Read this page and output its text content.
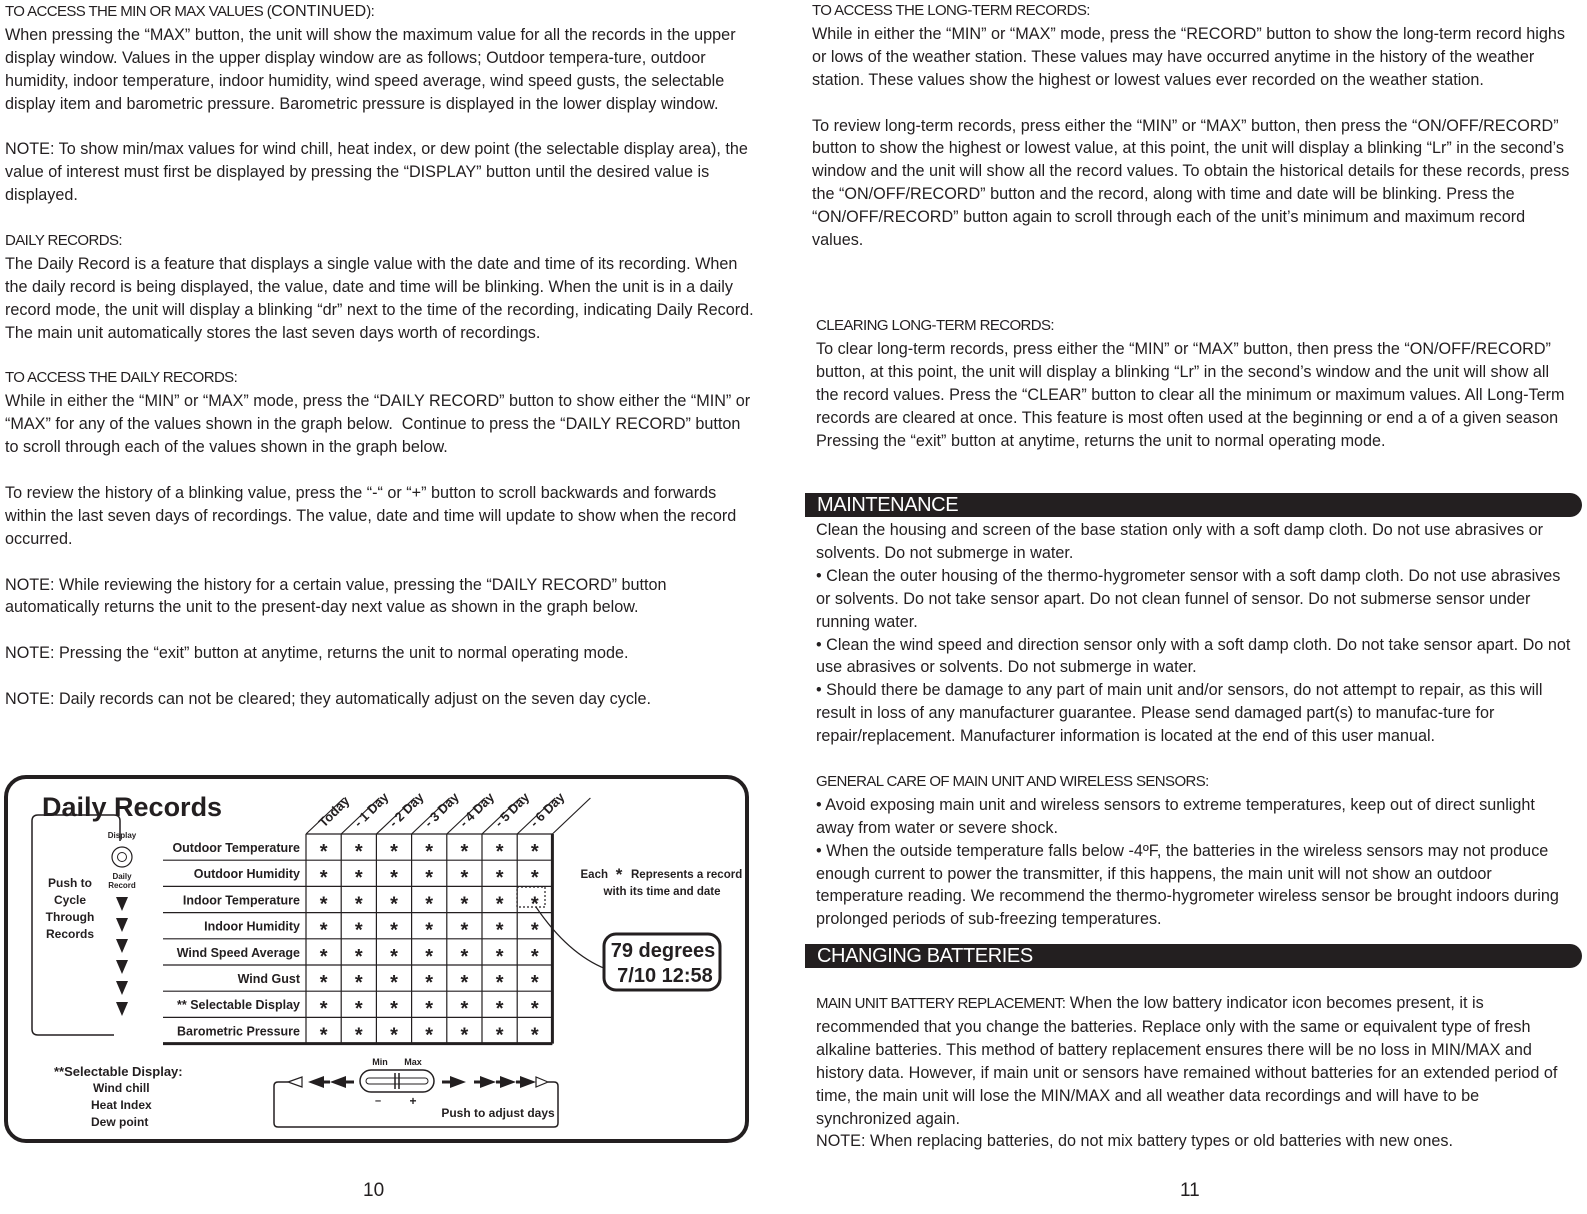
TO ACCESS THE MIN OR MAX VALUES (CONTINUED):
When pressing the “MAX” button, the unit will show the maximum value for all the records in the upper display window. Values in the upper display window are as follows; Outdoor tempera-ture, outdoor humidity, indoor temperature, indoor humidity, wind speed average, wind speed gusts, the selectable display item and barometric pressure. Barometric pressure is displayed in the lower display window.

NOTE: To show min/max values for wind chill, heat index, or dew point (the selectable display area), the value of interest must first be displayed by pressing the “DISPLAY” button until the desired value is displayed.

DAILY RECORDS:
The Daily Record is a feature that displays a single value with the date and time of its recording. When the daily record is being displayed, the value, date and time will be blinking. When the unit is in a daily record mode, the unit will display a blinking “dr” next to the time of the recording, indicating Daily Record. The main unit automatically stores the last seven days worth of recordings.

TO ACCESS THE DAILY RECORDS:
While in either the “MIN” or “MAX” mode, press the “DAILY RECORD” button to show either the “MIN” or “MAX” for any of the values shown in the graph below.  Continue to press the “DAILY RECORD” button to scroll through each of the values shown in the graph below.

To review the history of a blinking value, press the “-“ or “+” button to scroll backwards and forwards within the last seven days of recordings. The value, date and time will update to show when the record occurred.

NOTE: While reviewing the history for a certain value, pressing the “DAILY RECORD” button automatically returns the unit to the present-day next value as shown in the graph below.

NOTE: Pressing the “exit” button at anytime, returns the unit to normal operating mode.

NOTE: Daily records can not be cleared; they automatically adjust on the seven day cycle.

Daily Records
Push to
Cycle
Through
Records
Display
Daily
Record
Outdoor Temperature
Outdoor Humidity
Indoor Temperature
Indoor Humidity
Wind Speed Average
Wind Gust
** Selectable Display
Barometric Pressure
* * * * * * *
* * * * * * *
* * * * * * *
* * * * * * *
* * * * * * *
* * * * * * *
* * * * * * *
* * * * * * *
Today
- 1 Day
- 2 Day
- 3 Day
- 4 Day
- 5 Day
- 6 Day
79 degrees
7/10 12:58
Each * Represents a record
with its time and date
**Selectable Display:
Wind chill
Heat Index
Dew point
Min Max
– +
Push to adjust days
10

TO ACCESS THE LONG-TERM RECORDS:
While in either the “MIN” or “MAX” mode, press the “RECORD” button to show the long-term record highs or lows of the weather station. These values may have occurred anytime in the history of the weather station. These values show the highest or lowest values ever recorded on the weather station.

To review long-term records, press either the “MIN” or “MAX” button, then press the “ON/OFF/RECORD” button to show the highest or lowest value, at this point, the unit will display a blinking “Lr” in the second’s window and the unit will show all the record values. To obtain the historical details for these records, press the “ON/OFF/RECORD” button and the record, along with time and date will be blinking. Press the “ON/OFF/RECORD” button again to scroll through each of the unit’s minimum and maximum record values.

CLEARING LONG-TERM RECORDS:
To clear long-term records, press either the “MIN” or “MAX” button, then press the “ON/OFF/RECORD” button, at this point, the unit will display a blinking “Lr” in the second’s window and the unit will show all the record values. Press the “CLEAR” button to clear all the minimum or maximum values. All Long-Term records are cleared at once. This feature is most often used at the beginning or end a of a given season Pressing the “exit” button at anytime, returns the unit to normal operating mode.

MAINTENANCE

Clean the housing and screen of the base station only with a soft damp cloth. Do not use abrasives or solvents. Do not submerge in water.
• Clean the outer housing of the thermo-hygrometer sensor with a soft damp cloth. Do not use abrasives or solvents. Do not take sensor apart. Do not clean funnel of sensor. Do not submerse sensor under running water.
• Clean the wind speed and direction sensor only with a soft damp cloth. Do not take sensor apart. Do not use abrasives or solvents. Do not submerge in water.
• Should there be damage to any part of main unit and/or sensors, do not attempt to repair, as this will result in loss of any manufacturer guarantee. Please send damaged part(s) to manufac-ture for repair/replacement. Manufacturer information is located at the end of this user manual.

GENERAL CARE OF MAIN UNIT AND WIRELESS SENSORS:
• Avoid exposing main unit and wireless sensors to extreme temperatures, keep out of direct sunlight away from water or severe shock.
• When the outside temperature falls below -4ºF, the batteries in the wireless sensors may not produce enough current to power the transmitter, if this happens, the main unit will not show an outdoor temperature reading. We recommend the thermo-hygrometer wireless sensor be brought indoors during prolonged periods of sub-freezing temperatures.

CHANGING BATTERIES

MAIN UNIT BATTERY REPLACEMENT: When the low battery indicator icon becomes present, it is recommended that you change the batteries. Replace only with the same or equivalent type of fresh alkaline batteries. This method of battery replacement ensures there will be no loss in MIN/MAX and history data. However, if main unit or sensors have remained without batteries for an extended period of time, the main unit will lose the MIN/MAX and all weather data recordings and will have to be synchronized again.

NOTE: When replacing batteries, do not mix battery types or old batteries with new ones.

11
